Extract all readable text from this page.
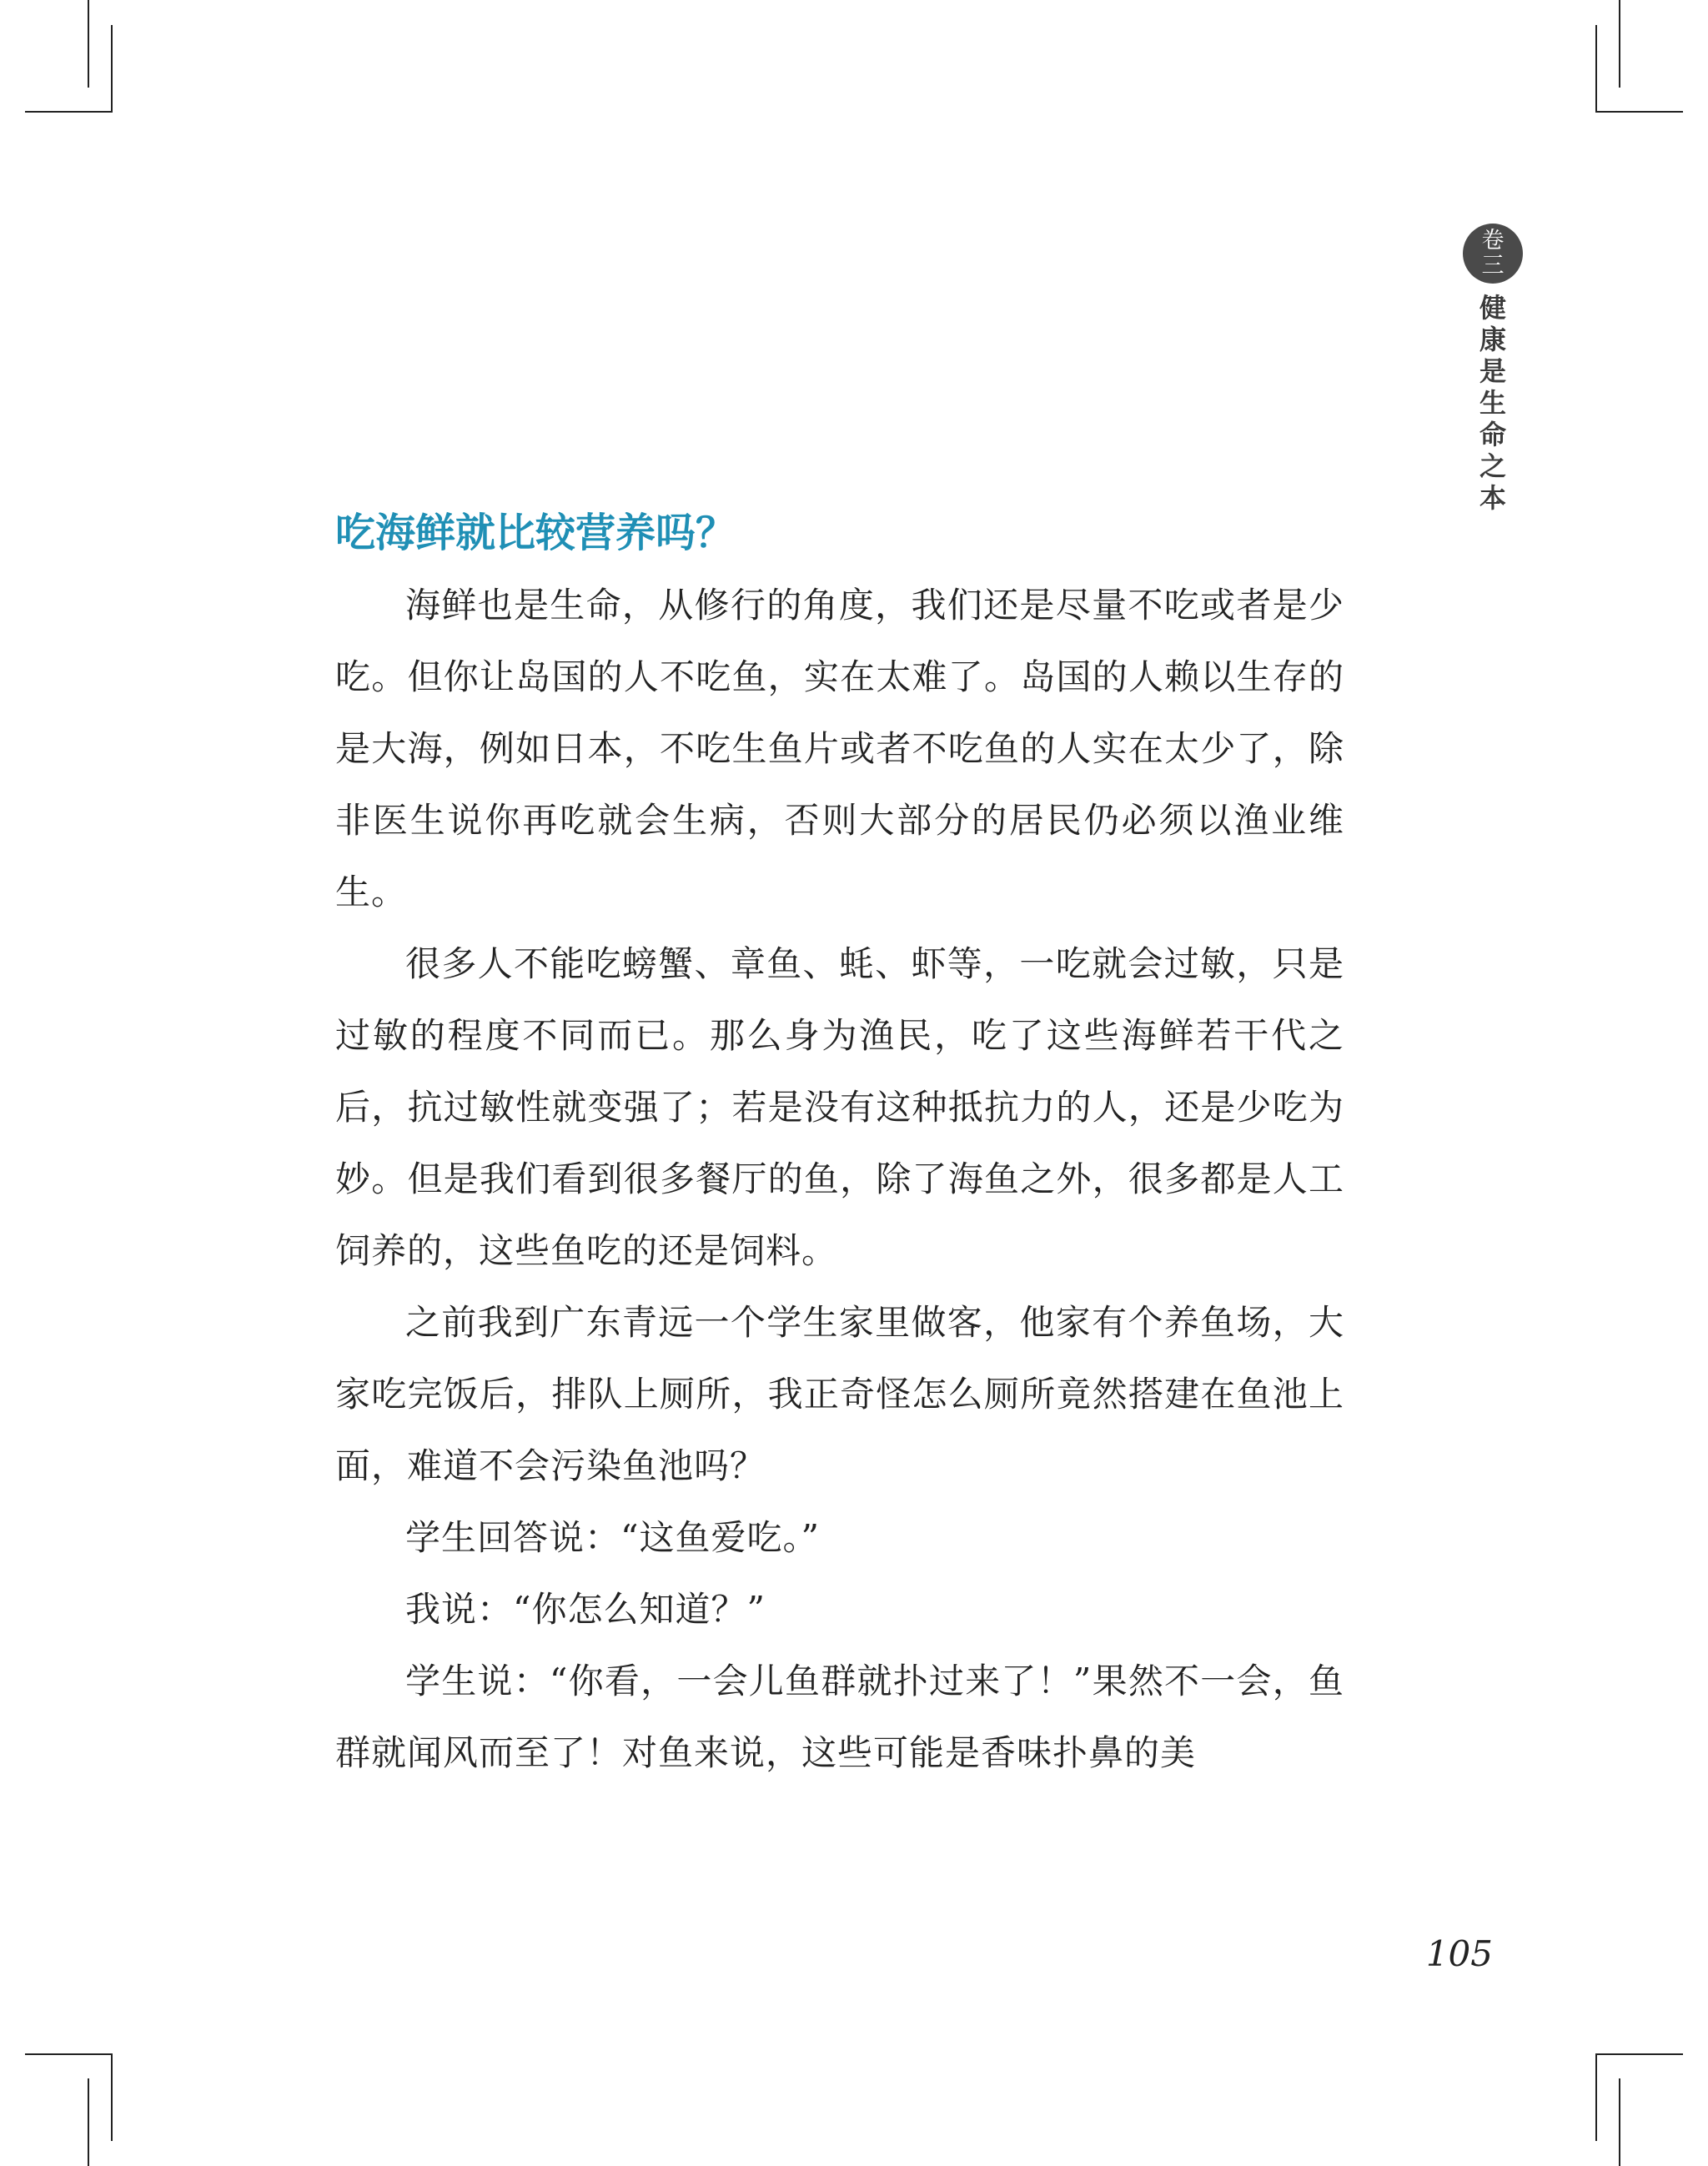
卷
三
健
康
是
生
命
之
本
吃海鲜就比较营养吗？

海鲜也是生命，从修行的角度，我们还是尽量不吃或者是少吃。但你让岛国的人不吃鱼，实在太难了。岛国的人赖以生存的是大海，例如日本，不吃生鱼片或者不吃鱼的人实在太少了，除非医生说你再吃就会生病，否则大部分的居民仍必须以渔业维生。

很多人不能吃螃蟹、章鱼、蚝、虾等，一吃就会过敏，只是过敏的程度不同而已。那么身为渔民，吃了这些海鲜若干代之后，抗过敏性就变强了；若是没有这种抵抗力的人，还是少吃为妙。但是我们看到很多餐厅的鱼，除了海鱼之外，很多都是人工饲养的，这些鱼吃的还是饲料。

之前我到广东青远一个学生家里做客，他家有个养鱼场，大家吃完饭后，排队上厕所，我正奇怪怎么厕所竟然搭建在鱼池上面，难道不会污染鱼池吗？

学生回答说：“这鱼爱吃。”

我说：“你怎么知道？”

学生说：“你看，一会儿鱼群就扑过来了！”果然不一会，鱼群就闻风而至了！对鱼来说，这些可能是香味扑鼻的美

105
